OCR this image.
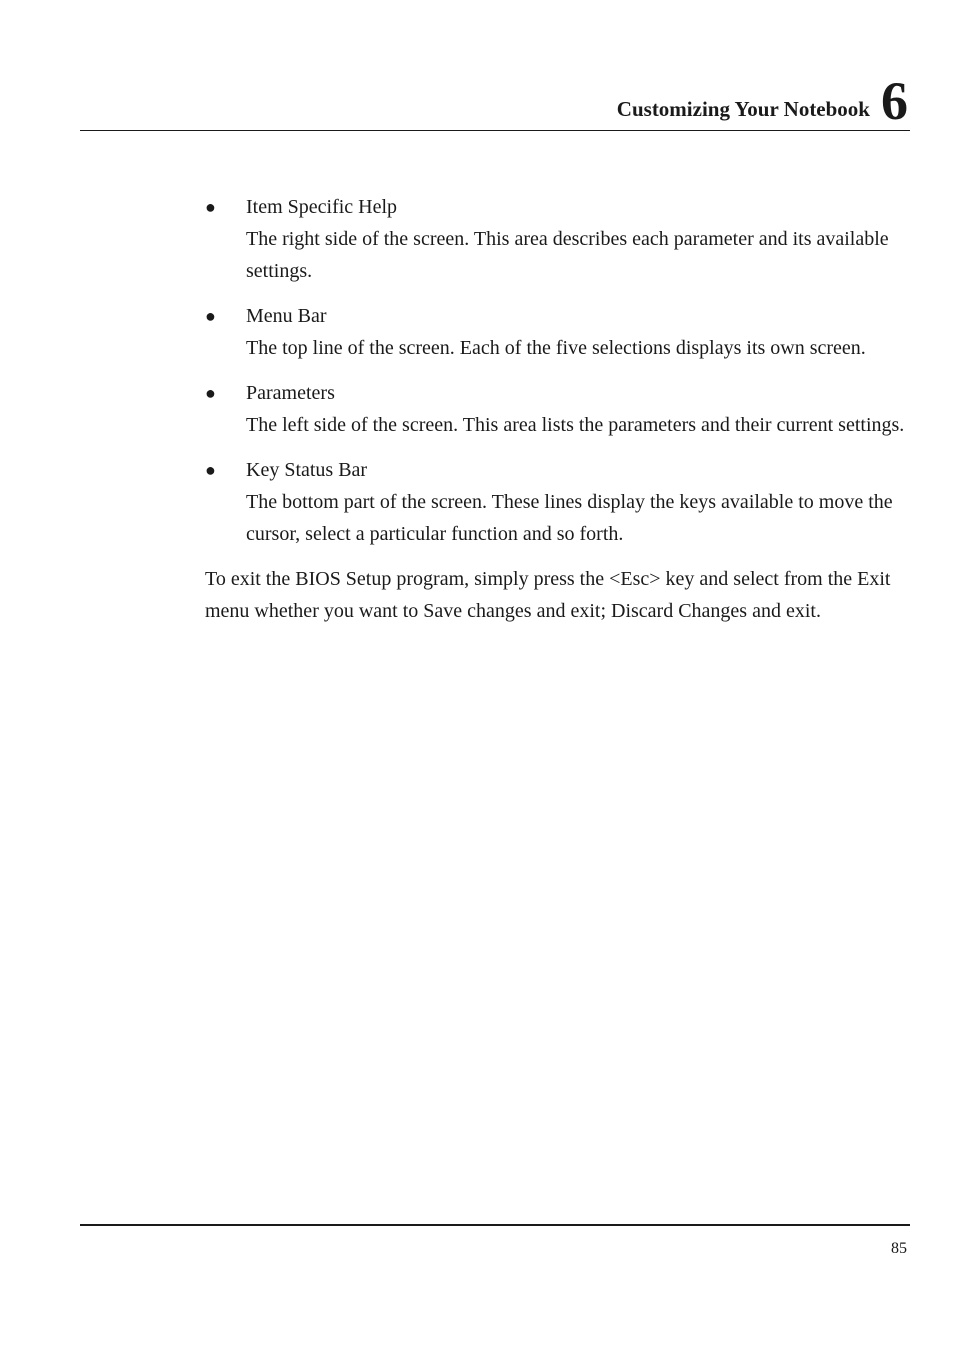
Customizing Your Notebook 6
● Item Specific Help
The right side of the screen. This area describes each parameter and its available settings.
● Menu Bar
The top line of the screen. Each of the five selections displays its own screen.
● Parameters
The left side of the screen. This area lists the parameters and their current settings.
● Key Status Bar
The bottom part of the screen. These lines display the keys available to move the cursor, select a particular function and so forth.

To exit the BIOS Setup program, simply press the <Esc> key and select from the Exit menu whether you want to Save changes and exit; Discard Changes and exit.

85
